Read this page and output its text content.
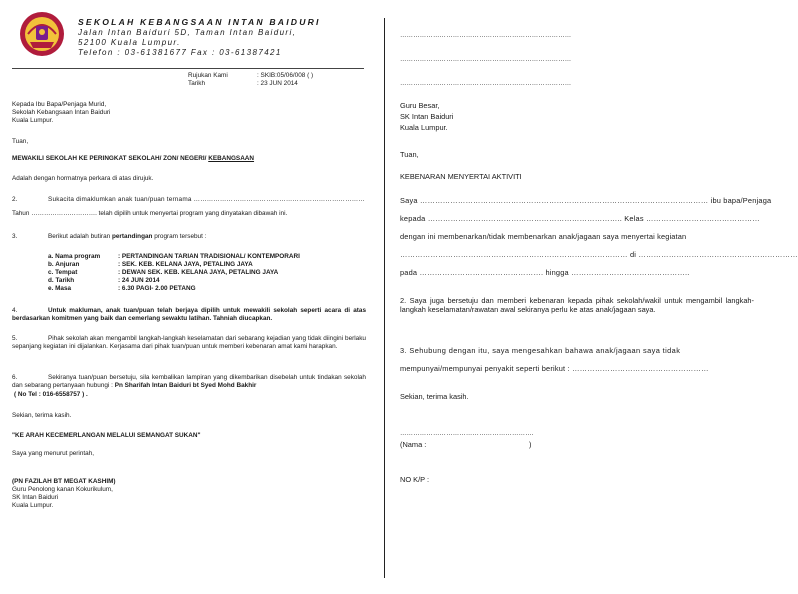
SEKOLAH KEBANGSAAN INTAN BAIDURI
Jalan Intan Baiduri 5D, Taman Intan Baiduri,
52100 Kuala Lumpur.
Telefon : 03-61381677 Fax : 03-61387421
Rujukan Kami	: SKIB:05/06/008 ( )
Tarikh	: 23 JUN 2014
Kepada Ibu Bapa/Penjaga Murid,
Sekolah Kebangsaan Intan Baiduri
Kuala Lumpur.
Tuan,
MEWAKILI SEKOLAH KE PERINGKAT SEKOLAH/ ZON/ NEGERI/ KEBANGSAAN
Adalah dengan hormatnya perkara di atas dirujuk.
2.	Sukacita dimaklumkan anak tuan/puan ternama ……………………………………………………………………
Tahun …………………………. telah dipilih untuk menyertai program yang dinyatakan dibawah ini.
3.	Berikut adalah butiran pertandingan program tersebut :
a. Nama program	: PERTANDINGAN TARIAN TRADISIONAL/ KONTEMPORARI
b. Anjuran	: SEK. KEB. KELANA JAYA, PETALING JAYA
c. Tempat	: DEWAN SEK. KEB. KELANA JAYA, PETALING JAYA
d. Tarikh	: 24 JUN 2014
e. Masa	: 6.30 PAGI- 2.00 PETANG
4.	Untuk makluman, anak tuan/puan telah berjaya dipilih untuk mewakili sekolah seperti acara di atas berdasarkan komitmen yang baik dan cemerlang sewaktu latihan. Tahniah diucapkan.
5.	Pihak sekolah akan mengambil langkah-langkah keselamatan dari sebarang kejadian yang tidak diingini berlaku sepanjang kegiatan ini dijalankan. Kerjasama dari pihak tuan/puan untuk memberi kebenaran amat kami harapkan.
6.	Sekiranya tuan/puan bersetuju, sila kembalikan lampiran yang dikembarikan disebelah untuk tindakan sekolah dan sebarang pertanyaan hubungi : Pn Sharifah Intan Baiduri bt Syed Mohd Bakhir
( No Tel : 016-6558757 ) .
Sekian, terima kasih.
"KE ARAH KECEMERLANGAN MELALUI SEMANGAT SUKAN"
Saya yang menurut perintah,
(PN FAZILAH BT MEGAT KASHIM)
Guru Penolong kanan Kokurikulum,
SK Intan Baiduri
Kuala Lumpur.
……………………………………………………………………
……………………………………………………………………
……………………………………………………………………
Guru Besar,
SK Intan Baiduri
Kuala Lumpur.
Tuan,
KEBENARAN MENYERTAI AKTIVITI
Saya …………………………………………………………………………………………………… ibu bapa/Penjaga
kepada ………………………………………………………………….. Kelas ………………………………………
dengan ini membenarkan/tidak membenarkan anak/jagaan saya menyertai kegiatan
……………………………………………………………………………… di ………………………………………………………
pada …………………………………………. hingga ………………………………………..
2. Saya juga bersetuju dan memberi kebenaran kepada pihak sekolah/wakil untuk mengambil langkah-langkah keselamatan/rawatan awal sekiranya perlu ke atas anak/jagaan saya.
3. Sehubung dengan itu, saya mengesahkan bahawa anak/jagaan saya tidak
mempunyai/mempunyai penyakit seperti berikut : ………………………………………………
Sekian, terima kasih.
…………………………………………………….
(Nama :                                                  )
NO K/P :
